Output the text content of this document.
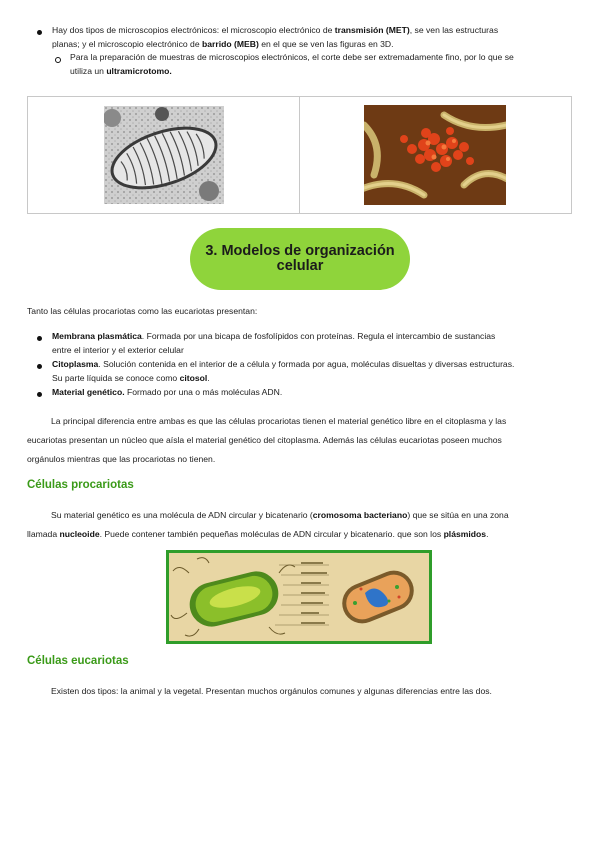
Hay dos tipos de microscopios electrónicos: el microscopio electrónico de transmisión (MET), se ven las estructuras
planas; y el microscopio electrónico de barrido (MEB) en el que se ven las figuras en 3D.
Para la preparación de muestras de microscopios electrónicos, el corte debe ser extremadamente fino, por lo que se
utiliza un ultramicrotomo.
3. Modelos de organización
celular
Tanto las células procariotas como las eucariotas presentan:
Membrana plasmática. Formada por una bicapa de fosfolípidos con proteínas. Regula el intercambio de sustancias
entre el interior y el exterior celular
Citoplasma. Solución contenida en el interior de a célula y formada por agua, moléculas disueltas y diversas estructuras.
Su parte líquida se conoce como citosol.
Material genético. Formado por una o más moléculas ADN.
La principal diferencia entre ambas es que las células procariotas tienen el material genético libre en el citoplasma y las
eucariotas presentan un núcleo que aísla el material genético del citoplasma. Además las células eucariotas poseen muchos
orgánulos mientras que las procariotas no tienen.
Células procariotas
Su material genético es una molécula de ADN circular y bicatenario (cromosoma bacteriano) que se sitúa en una zona
llamada nucleoide. Puede contener también pequeñas moléculas de ADN circular y bicatenario. que son los plásmidos.
Células eucariotas
Existen dos tipos: la animal y la vegetal. Presentan muchos orgánulos comunes y algunas diferencias entre las dos.
